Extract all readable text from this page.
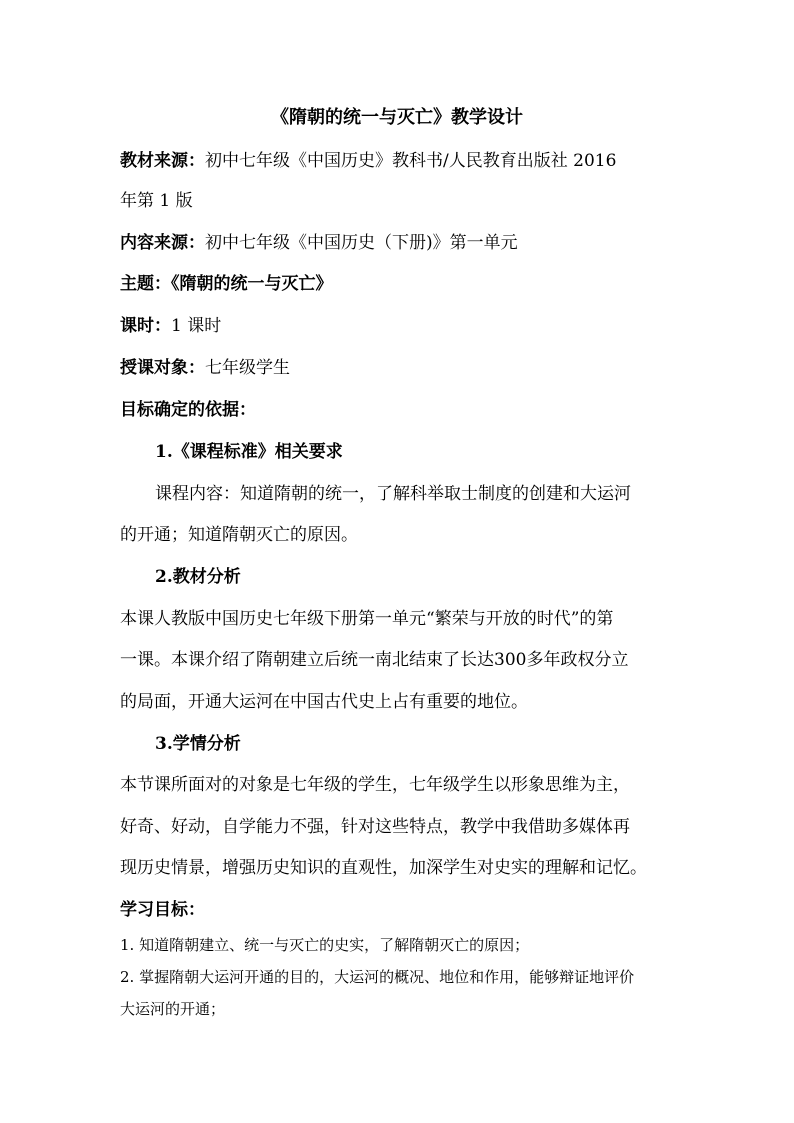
《隋朝的统一与灭亡》教学设计
教材来源：初中七年级《中国历史》教科书/人民教育出版社 2016
年第 1 版
内容来源：初中七年级《中国历史（下册)》第一单元
主题：《隋朝的统一与灭亡》
课时：1 课时
授课对象：七年级学生
目标确定的依据：
1.《课程标准》相关要求
课程内容：知道隋朝的统一，了解科举取士制度的创建和大运河
的开通；知道隋朝灭亡的原因。
2.教材分析
本课人教版中国历史七年级下册第一单元“繁荣与开放的时代”的第
一课。本课介绍了隋朝建立后统一南北结束了长达300多年政权分立
的局面，开通大运河在中国古代史上占有重要的地位。
3.学情分析
本节课所面对的对象是七年级的学生，七年级学生以形象思维为主，
好奇、好动，自学能力不强，针对这些特点，教学中我借助多媒体再
现历史情景，增强历史知识的直观性，加深学生对史实的理解和记忆。
学习目标：
1. 知道隋朝建立、统一与灭亡的史实，了解隋朝灭亡的原因；
2. 掌握隋朝大运河开通的目的，大运河的概况、地位和作用，能够辩证地评价
大运河的开通；
